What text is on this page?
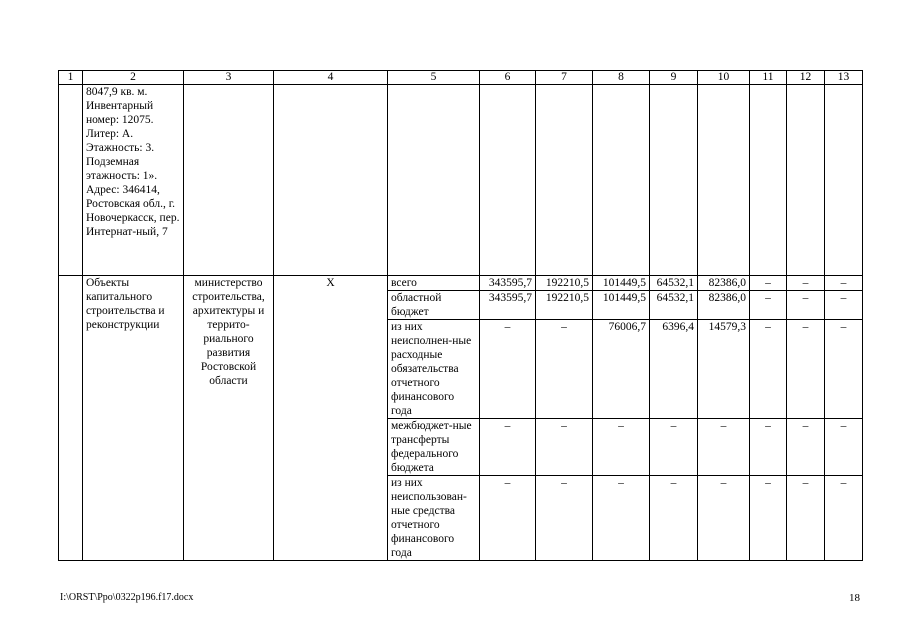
1	2	3	4	5	6	7	8	9	10	11	12	13
	8047,9 кв. м. Инвентарный номер: 12075. Литер: А. Этажность: 3. Подземная этажность: 1». Адрес: 346414, Ростовская обл., г. Новочеркасск, пер. Интернат-ный, 7											
	Объекты капитального строительства и реконструкции	министерство строительства, архитектуры и террито-риального развития Ростовской области	Х	всего	343595,7	192210,5	101449,5	64532,1	82386,0	–	–	–
				областной бюджет	343595,7	192210,5	101449,5	64532,1	82386,0	–	–	–
				из них неисполнен-ные расходные обязательства отчетного финансового года	–	–	76006,7	6396,4	14579,3	–	–	–
				межбюджет-ные трансферты федерального бюджета	–	–	–	–	–	–	–	–
				из них неиспользован-ные средства отчетного финансового года	–	–	–	–	–	–	–	–
I:\ORST\Ppo\0322p196.f17.docx	18
